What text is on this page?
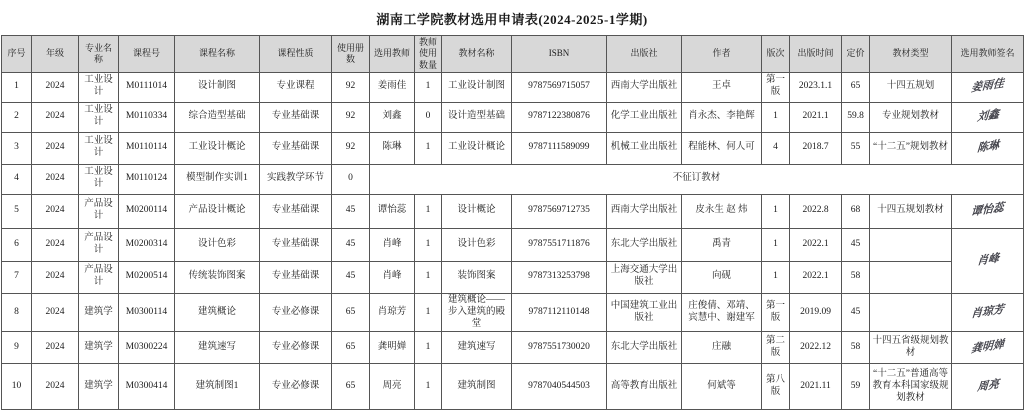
湖南工学院教材选用申请表(2024-2025-1学期)
序号	年级	专业名称	课程号	课程名称	课程性质	使用册数	选用教师	教师使用数量	教材名称	ISBN	出版社	作者	版次	出版时间	定价	教材类型	选用教师签名
1	2024	工业设计	M0111014	设计制图	专业课程	92	姜雨佳	1	工业设计制图	9787569715057	西南大学出版社	王卓	第一版	2023.1.1	65	十四五规划	姜雨佳
2	2024	工业设计	M0110334	综合造型基础	专业基础课	92	刘鑫	0	设计造型基础	9787122380876	化学工业出版社	肖永杰、李艳辉	1	2021.1	59.8	专业规划教材	刘鑫
3	2024	工业设计	M0110114	工业设计概论	专业基础课	92	陈琳	1	工业设计概论	9787111589099	机械工业出版社	程能林、何人可	4	2018.7	55	“十二五”规划教材	陈琳
4	2024	工业设计	M0110124	模型制作实训1	实践教学环节	0	不征订教材										
5	2024	产品设计	M0200114	产品设计概论	专业基础课	45	谭怡蕊	1	设计概论	9787569712735	西南大学出版社	皮永生 赵 炜	1	2022.8	68	十四五规划教材	谭怡蕊
6	2024	产品设计	M0200314	设计色彩	专业基础课	45	肖峰	1	设计色彩	9787551711876	东北大学出版社	禹青	1	2022.1	45		肖峰
7	2024	产品设计	M0200514	传统装饰图案	专业基础课	45	肖峰	1	装饰图案	9787313253798	上海交通大学出版社	向砚	1	2022.1	58		
8	2024	建筑学	M0300114	建筑概论	专业必修课	65	肖琼芳	1	建筑概论——步入建筑的殿堂	9787112110148	中国建筑工业出版社	庄俊倩、邓靖、宾慧中、谢建军	第一版	2019.09	45		肖琼芳
9	2024	建筑学	M0300224	建筑速写	专业必修课	65	龚明婵	1	建筑速写	9787551730020	东北大学出版社	庄融	第二版	2022.12	58	十四五省级规划教材	龚明婵
10	2024	建筑学	M0300414	建筑制图1	专业必修课	65	周亮	1	建筑制图	9787040544503	高等教育出版社	何斌等	第八版	2021.11	59	“十二五”普通高等教育本科国家级规划教材	周亮
